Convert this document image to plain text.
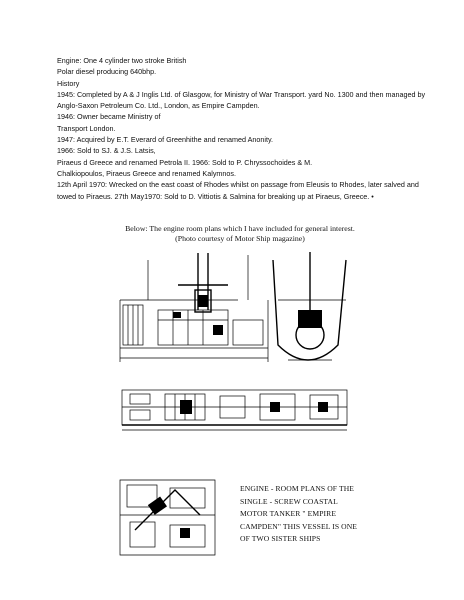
Engine: One 4 cylinder two stroke British
Polar diesel producing 640bhp.
History
1945: Completed by A & J Inglis Ltd. of Glasgow, for Ministry of War Transport. yard No. 1300 and then managed by Anglo-Saxon Petroleum Co. Ltd., London, as Empire Campden.
1946: Owner became Ministry of
Transport London.
1947: Acquired by E.T. Everard of Greenhithe and renamed Anonity.
1966: Sold to SJ. & J.S. Latsis,
Piraeus d Greece and renamed Petrola II. 1966: Sold to P. Chryssochoides & M.
Chalkiopoulos, Piraeus Greece and renamed Kalymnos.
12th April 1970: Wrecked on the east coast of Rhodes whilst on passage from Eleusis to Rhodes, later salved and towed to Piraeus. 27th May1970: Sold to D. Vittiotis & Salmina for breaking up at Piraeus, Greece. •
Below: The engine room plans which I have included for general interest.
(Photo courtesy of Motor Ship magazine)
ENGINE - ROOM PLANS OF THE
SINGLE - SCREW COASTAL
MOTOR TANKER " EMPIRE
CAMPDEN" THIS VESSEL IS ONE
OF TWO SISTER SHIPS
